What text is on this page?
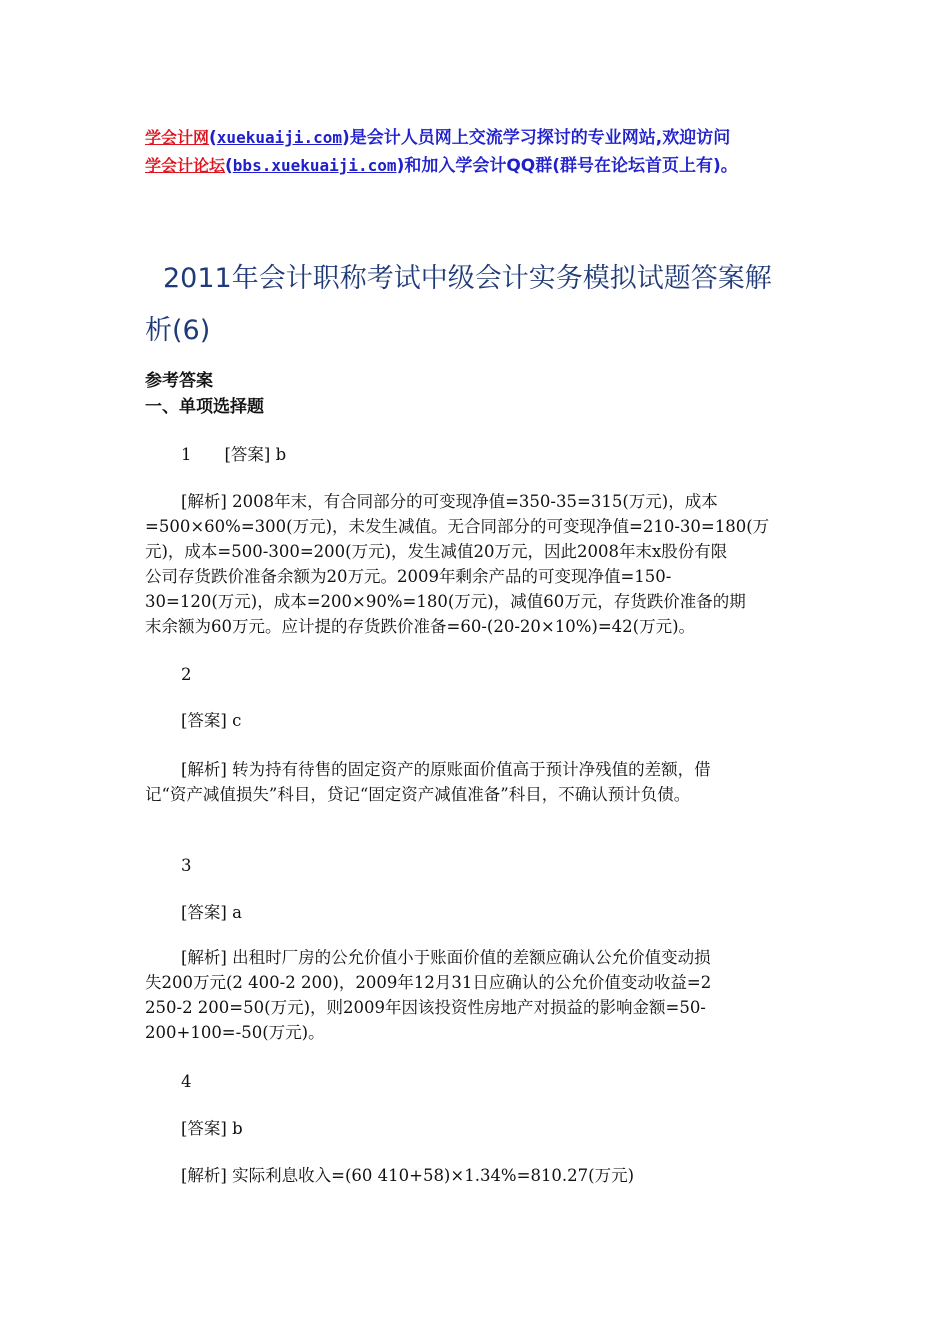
学会计网(xuekuaiji.com)是会计人员网上交流学习探讨的专业网站,欢迎访问
学会计论坛(bbs.xuekuaiji.com)和加入学会计QQ群(群号在论坛首页上有)。
2011年会计职称考试中级会计实务模拟试题答案解
析(6)
参考答案
一、单项选择题
1　　[答案] b
[解析] 2008年末，有合同部分的可变现净值=350-35=315(万元)，成本
=500×60%=300(万元)，未发生减值。无合同部分的可变现净值=210-30=180(万
元)，成本=500-300=200(万元)，发生减值20万元，因此2008年末x股份有限
公司存货跌价准备余额为20万元。2009年剩余产品的可变现净值=150-
30=120(万元)，成本=200×90%=180(万元)，减值60万元，存货跌价准备的期
末余额为60万元。应计提的存货跌价准备=60-(20-20×10%)=42(万元)。
2
[答案] c
[解析] 转为持有待售的固定资产的原账面价值高于预计净残值的差额，借
记“资产减值损失”科目，贷记“固定资产减值准备”科目，不确认预计负债。
3
[答案] a
[解析] 出租时厂房的公允价值小于账面价值的差额应确认公允价值变动损
失200万元(2 400-2 200)，2009年12月31日应确认的公允价值变动收益=2
250-2 200=50(万元)，则2009年因该投资性房地产对损益的影响金额=50-
200+100=-50(万元)。
4
[答案] b
[解析] 实际利息收入=(60 410+58)×1.34%=810.27(万元)
